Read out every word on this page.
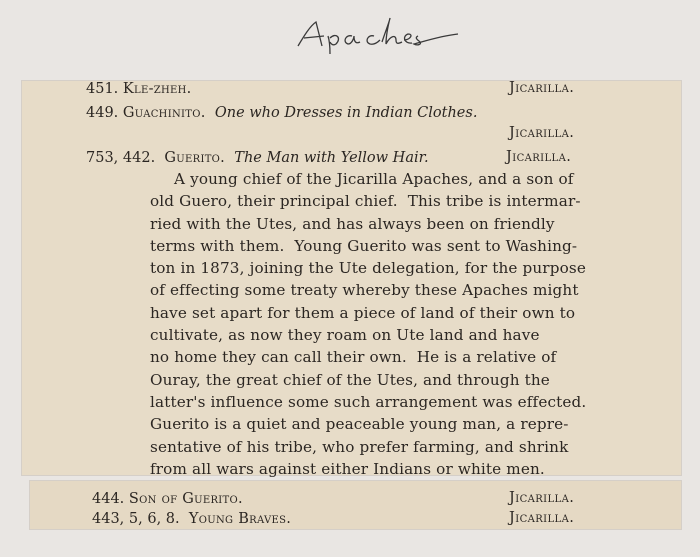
451. Kle-zheh.	Jicarilla.
449. Guachinito. One who Dresses in Indian Clothes.
Jicarilla.
753, 442. Guerito. The Man with Yellow Hair.	Jicarilla.
A young chief of the Jicarilla Apaches, and a son of
old Guero, their principal chief.  This tribe is intermar-
ried with the Utes, and has always been on friendly
terms with them.  Young Guerito was sent to Washing-
ton in 1873, joining the Ute delegation, for the purpose
of effecting some treaty whereby these Apaches might
have set apart for them a piece of land of their own to
cultivate, as now they roam on Ute land and have
no home they can call their own.  He is a relative of
Ouray, the great chief of the Utes, and through the
latter's influence some such arrangement was effected.
Guerito is a quiet and peaceable young man, a repre-
sentative of his tribe, who prefer farming, and shrink
from all wars against either Indians or white men.
444. Son of Guerito.	Jicarilla.
443, 5, 6, 8. Young Braves.	Jicarilla.
